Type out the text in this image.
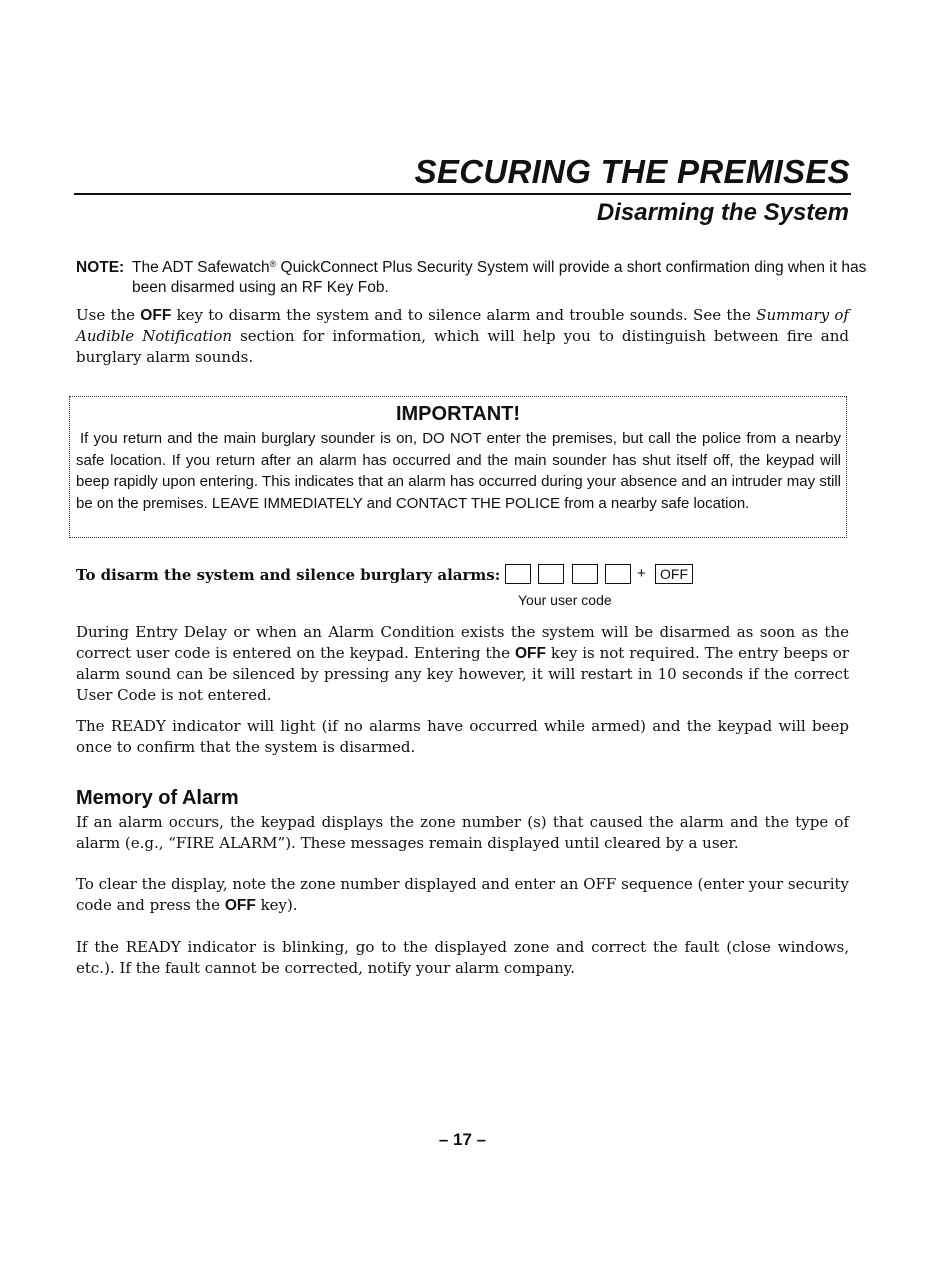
SECURING THE PREMISES
Disarming the System
NOTE: The ADT Safewatch® QuickConnect Plus Security System will provide a short confirmation ding when it has been disarmed using an RF Key Fob.
Use the OFF key to disarm the system and to silence alarm and trouble sounds. See the Summary of Audible Notification section for information, which will help you to distinguish between fire and burglary alarm sounds.
IMPORTANT!
If you return and the main burglary sounder is on, DO NOT enter the premises, but call the police from a nearby safe location. If you return after an alarm has occurred and the main sounder has shut itself off, the keypad will beep rapidly upon entering. This indicates that an alarm has occurred during your absence and an intruder may still be on the premises. LEAVE IMMEDIATELY and CONTACT THE POLICE from a nearby safe location.
To disarm the system and silence burglary alarms:	+	OFF
Your user code
During Entry Delay or when an Alarm Condition exists the system will be disarmed as soon as the correct user code is entered on the keypad. Entering the OFF key is not required. The entry beeps or alarm sound can be silenced by pressing any key however, it will restart in 10 seconds if the correct User Code is not entered.
The READY indicator will light (if no alarms have occurred while armed) and the keypad will beep once to confirm that the system is disarmed.
Memory of Alarm
If an alarm occurs, the keypad displays the zone number (s) that caused the alarm and the type of alarm (e.g., “FIRE ALARM”). These messages remain displayed until cleared by a user.
To clear the display, note the zone number displayed and enter an OFF sequence (enter your security code and press the OFF key).
If the READY indicator is blinking, go to the displayed zone and correct the fault (close windows, etc.). If the fault cannot be corrected, notify your alarm company.
– 17 –
